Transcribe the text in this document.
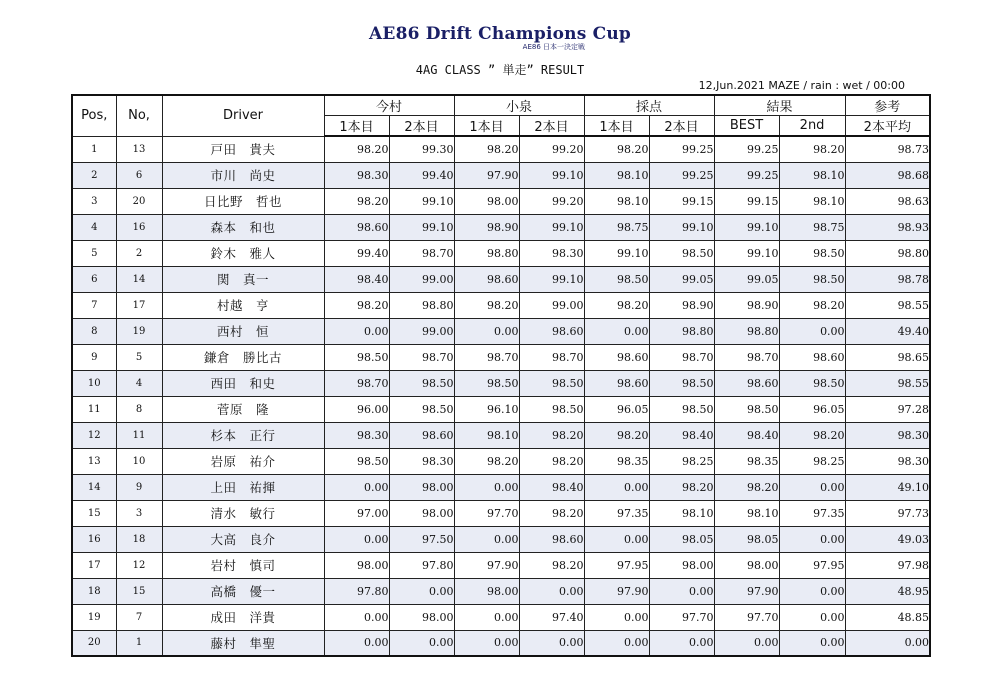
AE86 Drift Champions Cup
AE86 日本一決定戦
4AG CLASS ” 単走” RESULT
12,Jun.2021 MAZE / rain : wet / 00:00
Pos,	No,	Driver	今村		小泉		採点		結果		参考
			1本目	2本目	1本目	2本目	1本目	2本目	BEST	2nd	2本平均
1	13	戸田　貴夫	98.20	99.30	98.20	99.20	98.20	99.25	99.25	98.20	98.73
2	6	市川　尚史	98.30	99.40	97.90	99.10	98.10	99.25	99.25	98.10	98.68
3	20	日比野　哲也	98.20	99.10	98.00	99.20	98.10	99.15	99.15	98.10	98.63
4	16	森本　和也	98.60	99.10	98.90	99.10	98.75	99.10	99.10	98.75	98.93
5	2	鈴木　雅人	99.40	98.70	98.80	98.30	99.10	98.50	99.10	98.50	98.80
6	14	関　真一	98.40	99.00	98.60	99.10	98.50	99.05	99.05	98.50	98.78
7	17	村越　亨	98.20	98.80	98.20	99.00	98.20	98.90	98.90	98.20	98.55
8	19	西村　恒	0.00	99.00	0.00	98.60	0.00	98.80	98.80	0.00	49.40
9	5	鎌倉　勝比古	98.50	98.70	98.70	98.70	98.60	98.70	98.70	98.60	98.65
10	4	西田　和史	98.70	98.50	98.50	98.50	98.60	98.50	98.60	98.50	98.55
11	8	菅原　隆	96.00	98.50	96.10	98.50	96.05	98.50	98.50	96.05	97.28
12	11	杉本　正行	98.30	98.60	98.10	98.20	98.20	98.40	98.40	98.20	98.30
13	10	岩原　祐介	98.50	98.30	98.20	98.20	98.35	98.25	98.35	98.25	98.30
14	9	上田　祐揮	0.00	98.00	0.00	98.40	0.00	98.20	98.20	0.00	49.10
15	3	清水　敏行	97.00	98.00	97.70	98.20	97.35	98.10	98.10	97.35	97.73
16	18	大高　良介	0.00	97.50	0.00	98.60	0.00	98.05	98.05	0.00	49.03
17	12	岩村　慎司	98.00	97.80	97.90	98.20	97.95	98.00	98.00	97.95	97.98
18	15	高橋　優一	97.80	0.00	98.00	0.00	97.90	0.00	97.90	0.00	48.95
19	7	成田　洋貴	0.00	98.00	0.00	97.40	0.00	97.70	97.70	0.00	48.85
20	1	藤村　隼聖	0.00	0.00	0.00	0.00	0.00	0.00	0.00	0.00	0.00
